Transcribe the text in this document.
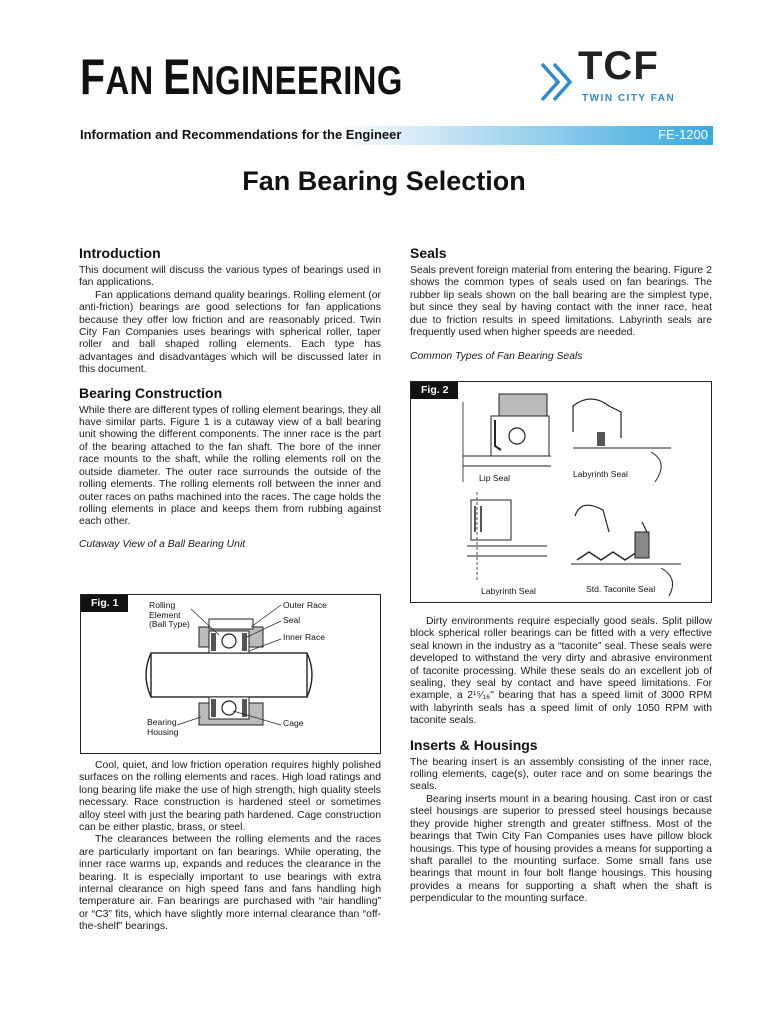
FAN ENGINEERING	TCF
TWIN CITY FAN
Information and Recommendations for the Engineer	FE-1200
Fan Bearing Selection
Introduction

This document will discuss the various types of bearings used in fan applications.

Fan applications demand quality bearings. Rolling element (or anti-friction) bearings are good selections for fan applications because they offer low friction and are reasonably priced. Twin City Fan Companies uses bearings with spherical roller, taper roller and ball shaped rolling elements. Each type has advantages and disadvantages which will be discussed later in this document.

Bearing Construction

While there are different types of rolling element bearings, they all have similar parts. Figure 1 is a cutaway view of a ball bearing unit showing the different components. The inner race is the part of the bearing attached to the fan shaft. The bore of the inner race mounts to the shaft, while the rolling elements roll on the outside diameter. The outer race surrounds the outside of the rolling elements. The rolling elements roll between the inner and outer races on paths machined into the races. The cage holds the rolling elements in place and keeps them from rubbing against each other.

Cutaway View of a Ball Bearing Unit

Fig. 1	Rolling
Element
(Ball Type)
Outer Race
Seal
Inner Race
Bearing
Housing
Cage

Cool, quiet, and low friction operation requires highly polished surfaces on the rolling elements and races. High load ratings and long bearing life make the use of high strength, high quality steels necessary. Race construction is hardened steel or sometimes alloy steel with just the bearing path hardened. Cage construction can be either plastic, brass, or steel.

The clearances between the rolling elements and the races are particularly important on fan bearings. While operating, the inner race warms up, expands and reduces the clearance in the bearing. It is especially important to use bearings with extra internal clearance on high speed fans and fans handling high temperature air. Fan bearings are purchased with “air handling” or “C3” fits, which have slightly more internal clearance than “off-the-shelf” bearings.

Seals

Seals prevent foreign material from entering the bearing. Figure 2 shows the common types of seals used on fan bearings. The rubber lip seals shown on the ball bearing are the simplest type, but since they seal by having contact with the inner race, heat due to friction results in speed limitations. Labyrinth seals are frequently used when higher speeds are needed.

Common Types of Fan Bearing Seals

Fig. 2
Lip Seal	Labyrinth Seal
Labyrinth Seal	Std. Taconite Seal

Dirty environments require especially good seals. Split pillow block spherical roller bearings can be fitted with a very effective seal known in the industry as a “taconite” seal. These seals were developed to withstand the very dirty and abrasive environment of taconite processing. While these seals do an excellent job of sealing, they seal by contact and have speed limitations. For example, a 2¹⁵⁄₁₆" bearing that has a speed limit of 3000 RPM with labyrinth seals has a speed limit of only 1050 RPM with taconite seals.

Inserts & Housings

The bearing insert is an assembly consisting of the inner race, rolling elements, cage(s), outer race and on some bearings the seals.

Bearing inserts mount in a bearing housing. Cast iron or cast steel housings are superior to pressed steel housings because they provide higher strength and greater stiffness. Most of the bearings that Twin City Fan Companies uses have pillow block housings. This type of housing provides a means for supporting a shaft parallel to the mounting surface. Some small fans use bearings that mount in four bolt flange housings. This housing provides a means for supporting a shaft when the shaft is perpendicular to the mounting surface.
